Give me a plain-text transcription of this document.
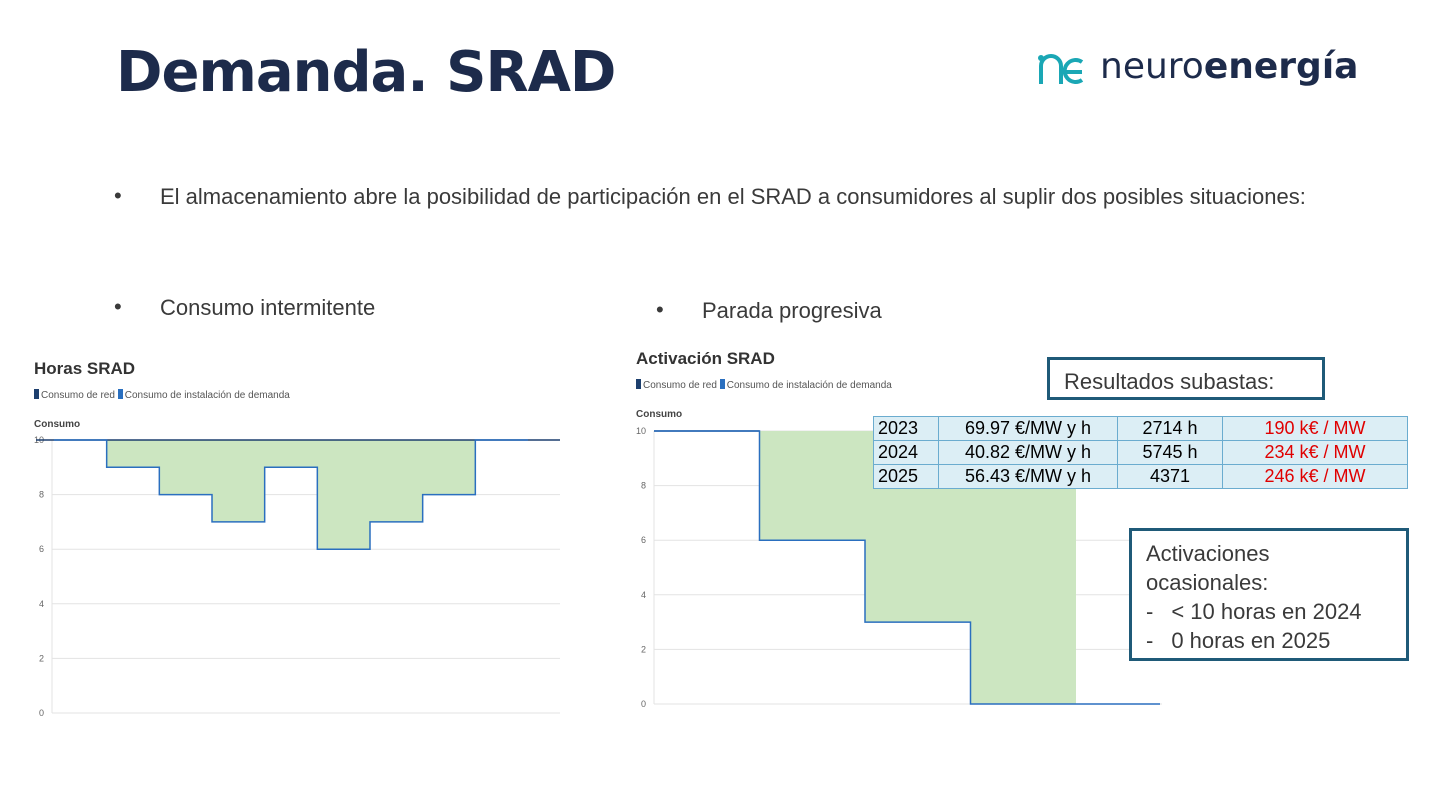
Demanda. SRAD	neuroenergía
• El almacenamiento abre la posibilidad de participación en el SRAD a consumidores al suplir dos posibles situaciones:
• Consumo intermitente	• Parada progresiva
Horas SRAD
Consumo de red Consumo de instalación de demanda
Consumo
0
2
4
6
8
10
Activación SRAD
Consumo de red Consumo de instalación de demanda
Consumo
0
2
4
6
8
10
Resultados subastas:
2023	69.97 €/MW y h	2714 h	190 k€ / MW
2024	40.82 €/MW y h	5745 h	234 k€ / MW
2025	56.43 €/MW y h	4371	246 k€ / MW
Activaciones
ocasionales:
- < 10 horas en 2024
- 0 horas en 2025
